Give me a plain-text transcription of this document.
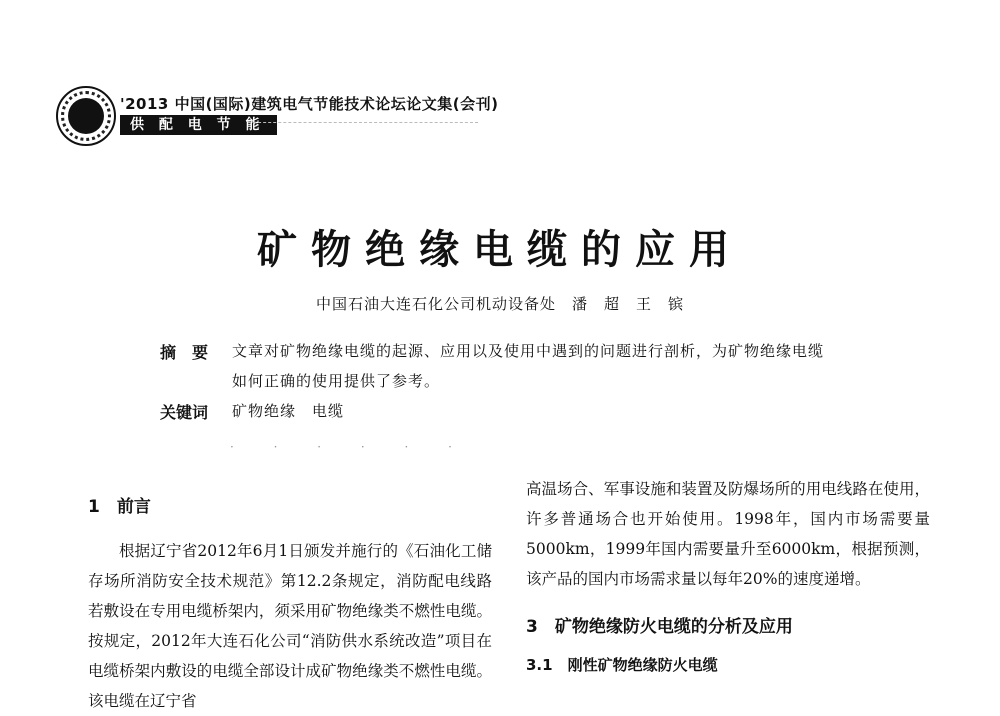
'2013 中国(国际)建筑电气节能技术论坛论文集(会刊)
供 配 电 节 能
矿物绝缘电缆的应用
中国石油大连石化公司机动设备处　潘　超　王　镔
摘　要 文章对矿物绝缘电缆的起源、应用以及使用中遇到的问题进行剖析，为矿物绝缘电缆
如何正确的使用提供了参考。
关键词 矿物绝缘　电缆
· · · · · ·

1　前言

根据辽宁省2012年6月1日颁发并施行的《石油化工储存场所消防安全技术规范》第12.2条规定，消防配电线路若敷设在专用电缆桥架内，须采用矿物绝缘类不燃性电缆。按规定，2012年大连石化公司“消防供水系统改造”项目在电缆桥架内敷设的电缆全部设计成矿物绝缘类不燃性电缆。该电缆在辽宁省

高温场合、军事设施和装置及防爆场所的用电线路在使用，许多普通场合也开始使用。1998年，国内市场需要量5000km，1999年国内需要量升至6000km，根据预测，该产品的国内市场需求量以每年20%的速度递增。

3　矿物绝缘防火电缆的分析及应用

3.1　刚性矿物绝缘防火电缆
